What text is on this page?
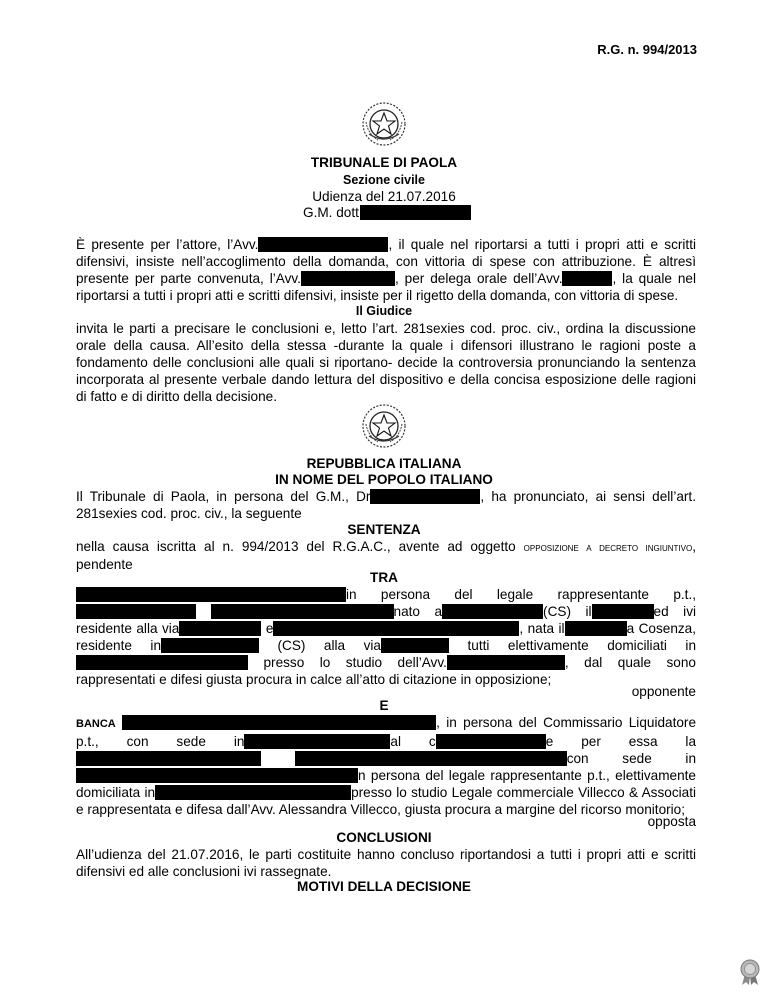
R.G. n. 994/2013
TRIBUNALE DI PAOLA
Sezione civile
Udienza del 21.07.2016
G.M. dott
È presente per l’attore, l’Avv.	, il quale nel riportarsi a tutti i propri atti e scritti difensivi, insiste nell’accoglimento della domanda, con vittoria di spese con attribuzione. È altresì presente per parte convenuta, l’Avv.	, per delega orale dell’Avv.	, la quale nel riportarsi a tutti i propri atti e scritti difensivi, insiste per il rigetto della domanda, con vittoria di spese.
Il Giudice
invita le parti a precisare le conclusioni e, letto l’art. 281sexies cod. proc. civ., ordina la discussione orale della causa. All’esito della stessa -durante la quale i difensori illustrano le ragioni poste a fondamento delle conclusioni alle quali si riportano- decide la controversia pronunciando la sentenza incorporata al presente verbale dando lettura del dispositivo e della concisa esposizione delle ragioni di fatto e di diritto della decisione.
REPUBBLICA ITALIANA
IN NOME DEL POPOLO ITALIANO
Il Tribunale di Paola, in persona del G.M., Dr	, ha pronunciato, ai sensi dell’art. 281sexies cod. proc. civ., la seguente
SENTENZA
nella causa iscritta al n. 994/2013 del R.G.A.C., avente ad oggetto opposizione a decreto ingiuntivo, pendente
TRA
in persona del legale rappresentante p.t., nato a	(CS) il	ed ivi residente alla via	e	, nata il	a Cosenza, residente in	(CS) alla via	tutti elettivamente domiciliati in presso lo studio dell’Avv.	, dal quale sono rappresentati e difesi giusta procura in calce all’atto di citazione in opposizione;
opponente
E
BANCA	, in persona del Commissario Liquidatore p.t., con sede in	al c	e per essa la con sede inn persona del legale rappresentante p.t., elettivamente domiciliata in	presso lo studio Legale commerciale Villecco & Associati e rappresentata e difesa dall’Avv. Alessandra Villecco, giusta procura a margine del ricorso monitorio;
opposta
CONCLUSIONI
All’udienza del 21.07.2016, le parti costituite hanno concluso riportandosi a tutti i propri atti e scritti difensivi ed alle conclusioni ivi rassegnate.
MOTIVI DELLA DECISIONE
